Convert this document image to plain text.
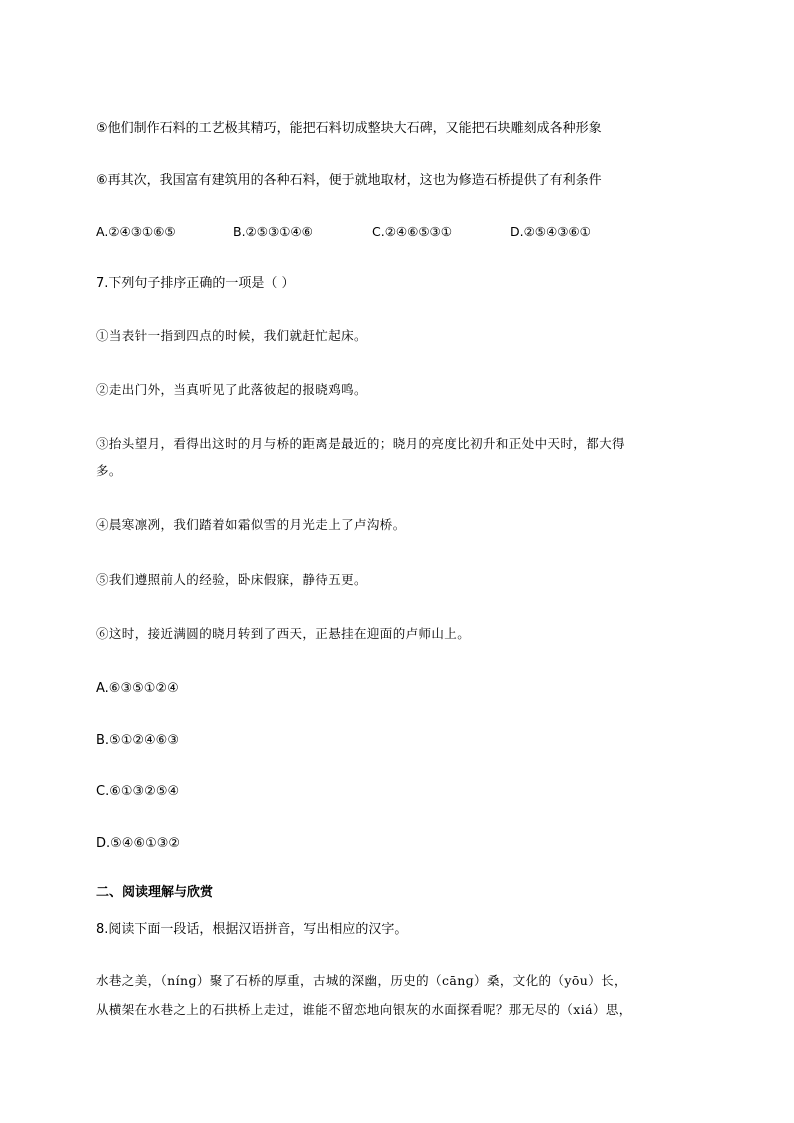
⑤他们制作石料的工艺极其精巧，能把石料切成整块大石碑，又能把石块雕刻成各种形象
⑥再其次，我国富有建筑用的各种石料，便于就地取材，这也为修造石桥提供了有利条件
A.②④③①⑥⑤	B.②⑤③①④⑥	C.②④⑥⑤③①	D.②⑤④③⑥①
7.下列句子排序正确的一项是（ ）
①当表针一指到四点的时候，我们就赶忙起床。
②走出门外，当真听见了此落彼起的报晓鸡鸣。
③抬头望月，看得出这时的月与桥的距离是最近的；晓月的亮度比初升和正处中天时，都大得
多。
④晨寒凛冽，我们踏着如霜似雪的月光走上了卢沟桥。
⑤我们遵照前人的经验，卧床假寐，静待五更。
⑥这时，接近满圆的晓月转到了西天，正悬挂在迎面的卢师山上。
A.⑥③⑤①②④
B.⑤①②④⑥③
C.⑥①③②⑤④
D.⑤④⑥①③②
二、阅读理解与欣赏
8.阅读下面一段话，根据汉语拼音，写出相应的汉字。
水巷之美，（nínɡ）聚了石桥的厚重，古城的深幽，历史的（cānɡ）桑，文化的（yōu）长，
从横架在水巷之上的石拱桥上走过，谁能不留恋地向银灰的水面探看呢？那无尽的（xiá）思，
